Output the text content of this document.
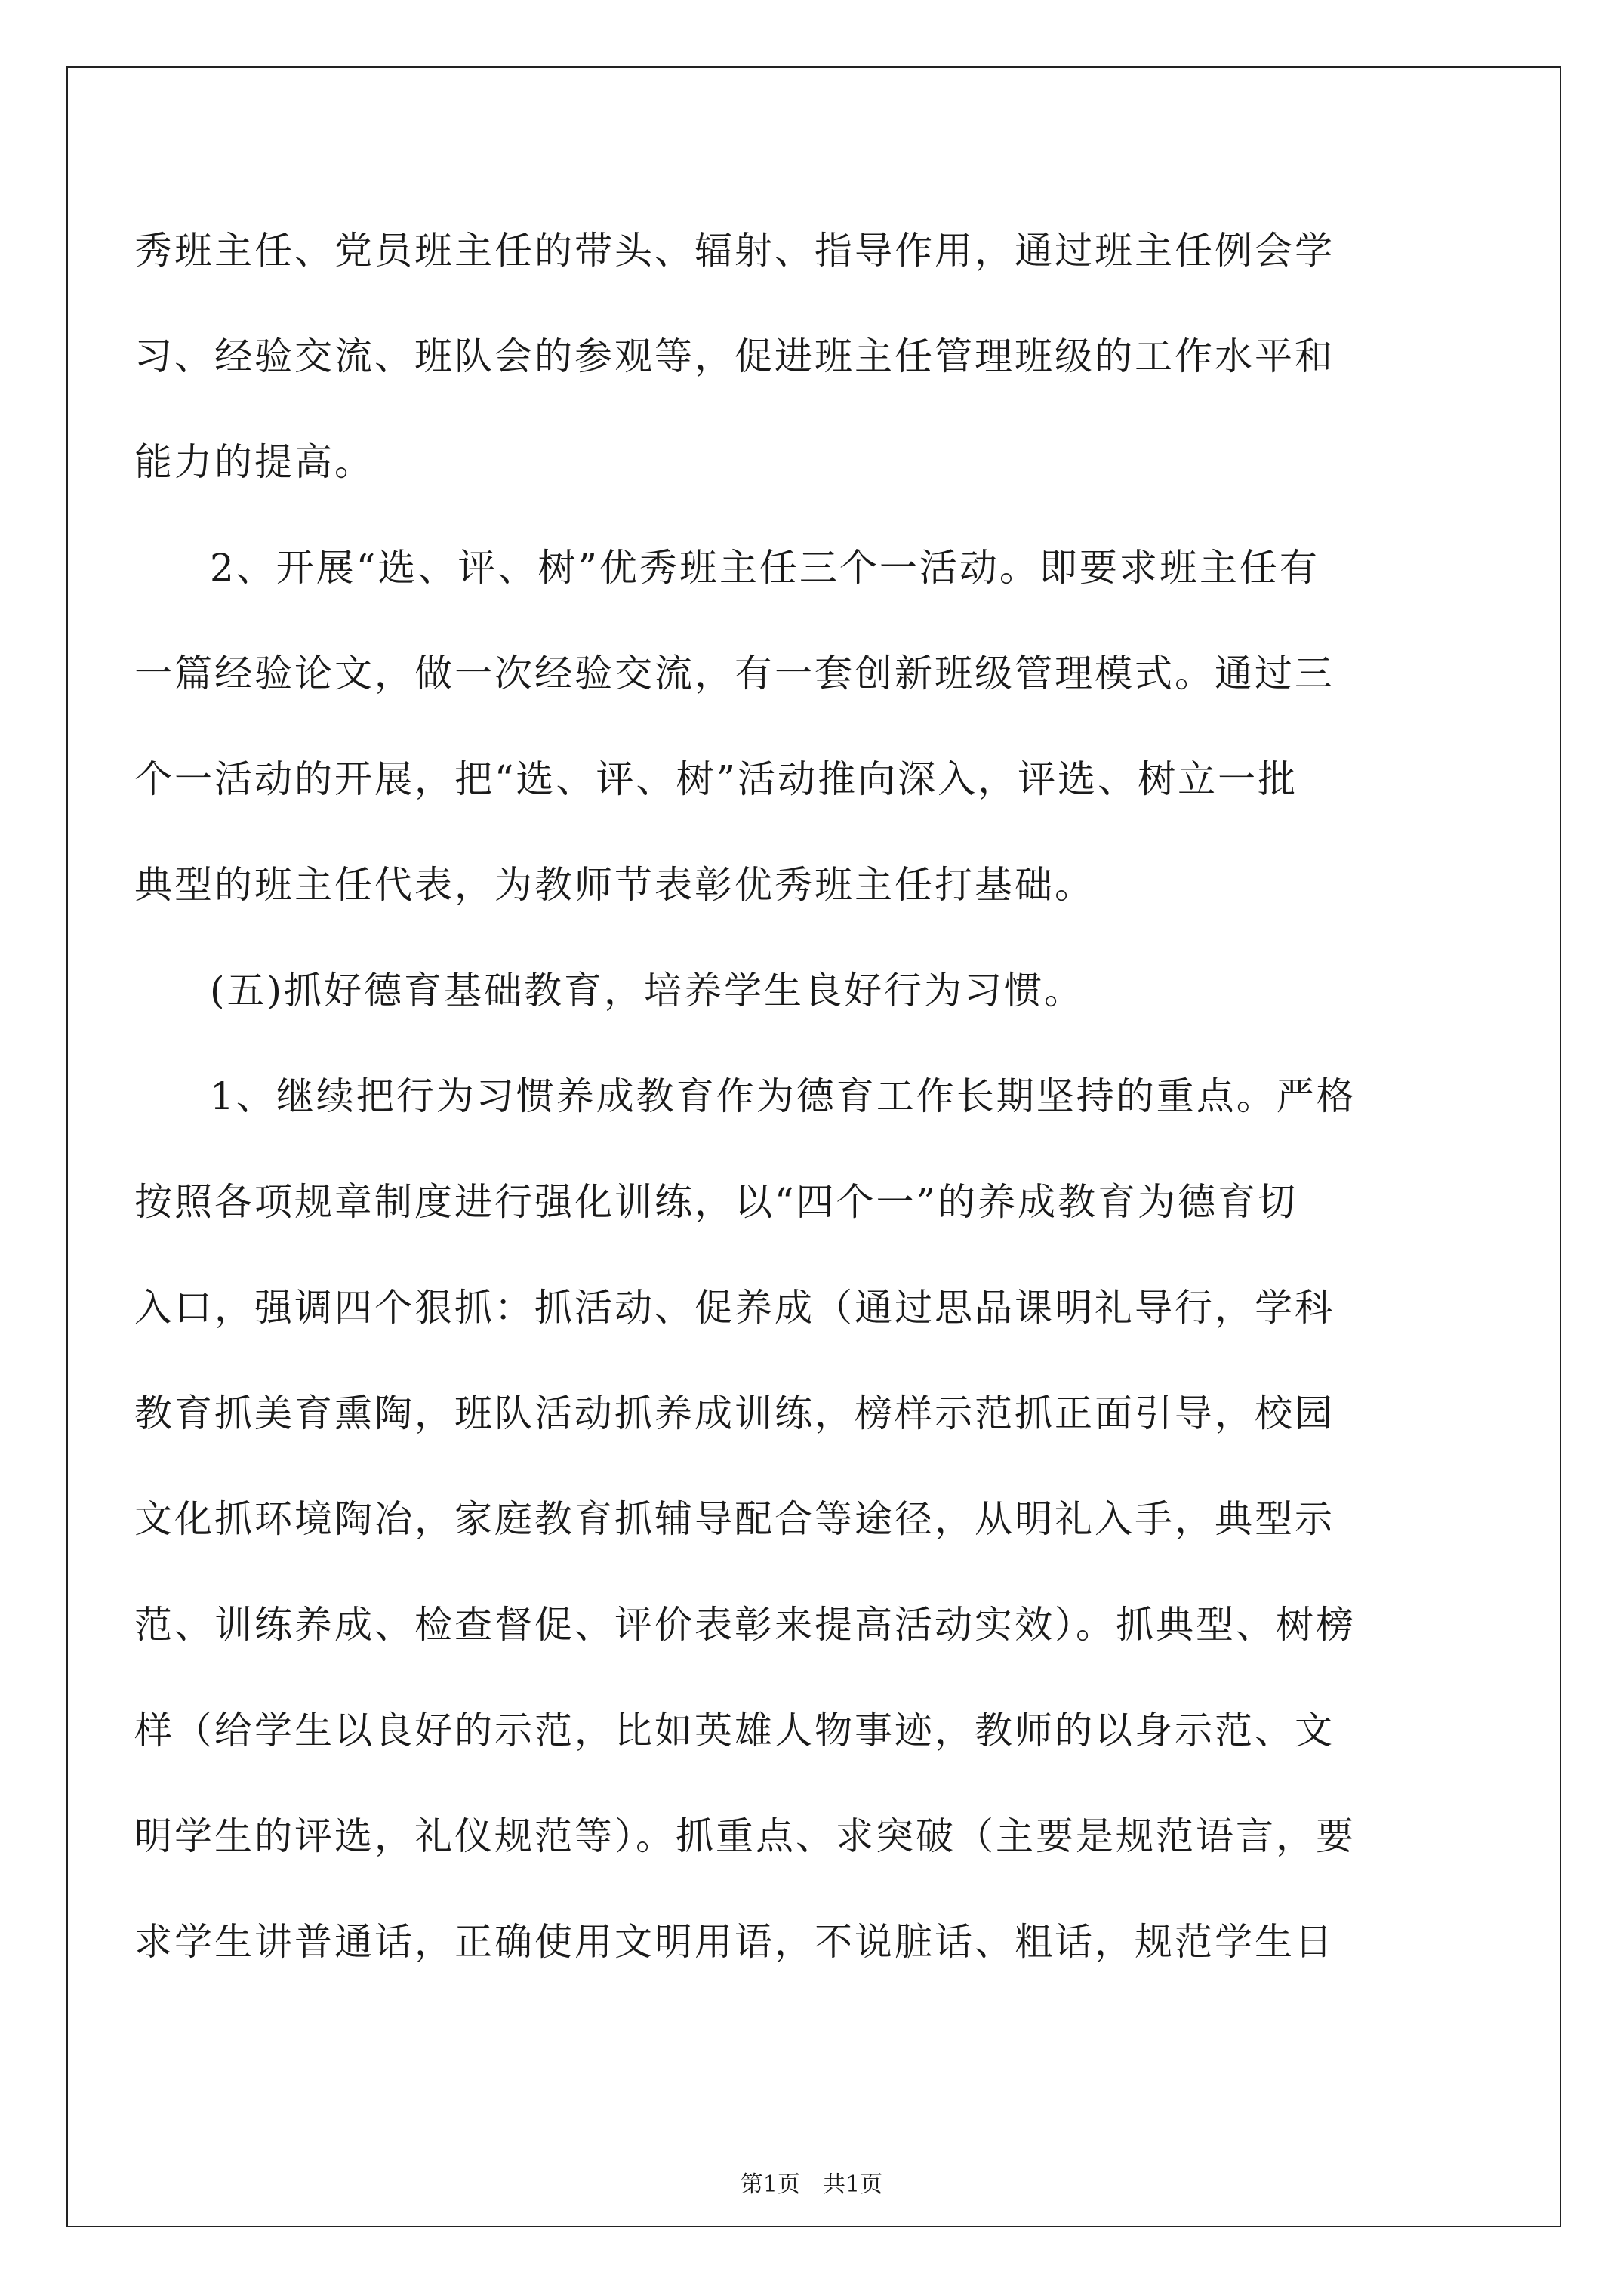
秀班主任、党员班主任的带头、辐射、指导作用，通过班主任例会学
习、经验交流、班队会的参观等，促进班主任管理班级的工作水平和
能力的提高。
2、开展“选、评、树”优秀班主任三个一活动。即要求班主任有
一篇经验论文，做一次经验交流，有一套创新班级管理模式。通过三
个一活动的开展，把“选、评、树”活动推向深入，评选、树立一批
典型的班主任代表，为教师节表彰优秀班主任打基础。
(五)抓好德育基础教育，培养学生良好行为习惯。
1、继续把行为习惯养成教育作为德育工作长期坚持的重点。严格
按照各项规章制度进行强化训练，以“四个一”的养成教育为德育切
入口，强调四个狠抓：抓活动、促养成（通过思品课明礼导行，学科
教育抓美育熏陶，班队活动抓养成训练，榜样示范抓正面引导，校园
文化抓环境陶冶，家庭教育抓辅导配合等途径，从明礼入手，典型示
范、训练养成、检查督促、评价表彰来提高活动实效）。抓典型、树榜
样（给学生以良好的示范，比如英雄人物事迹，教师的以身示范、文
明学生的评选，礼仪规范等）。抓重点、求突破（主要是规范语言，要
求学生讲普通话，正确使用文明用语，不说脏话、粗话，规范学生日
第1页 共1页
